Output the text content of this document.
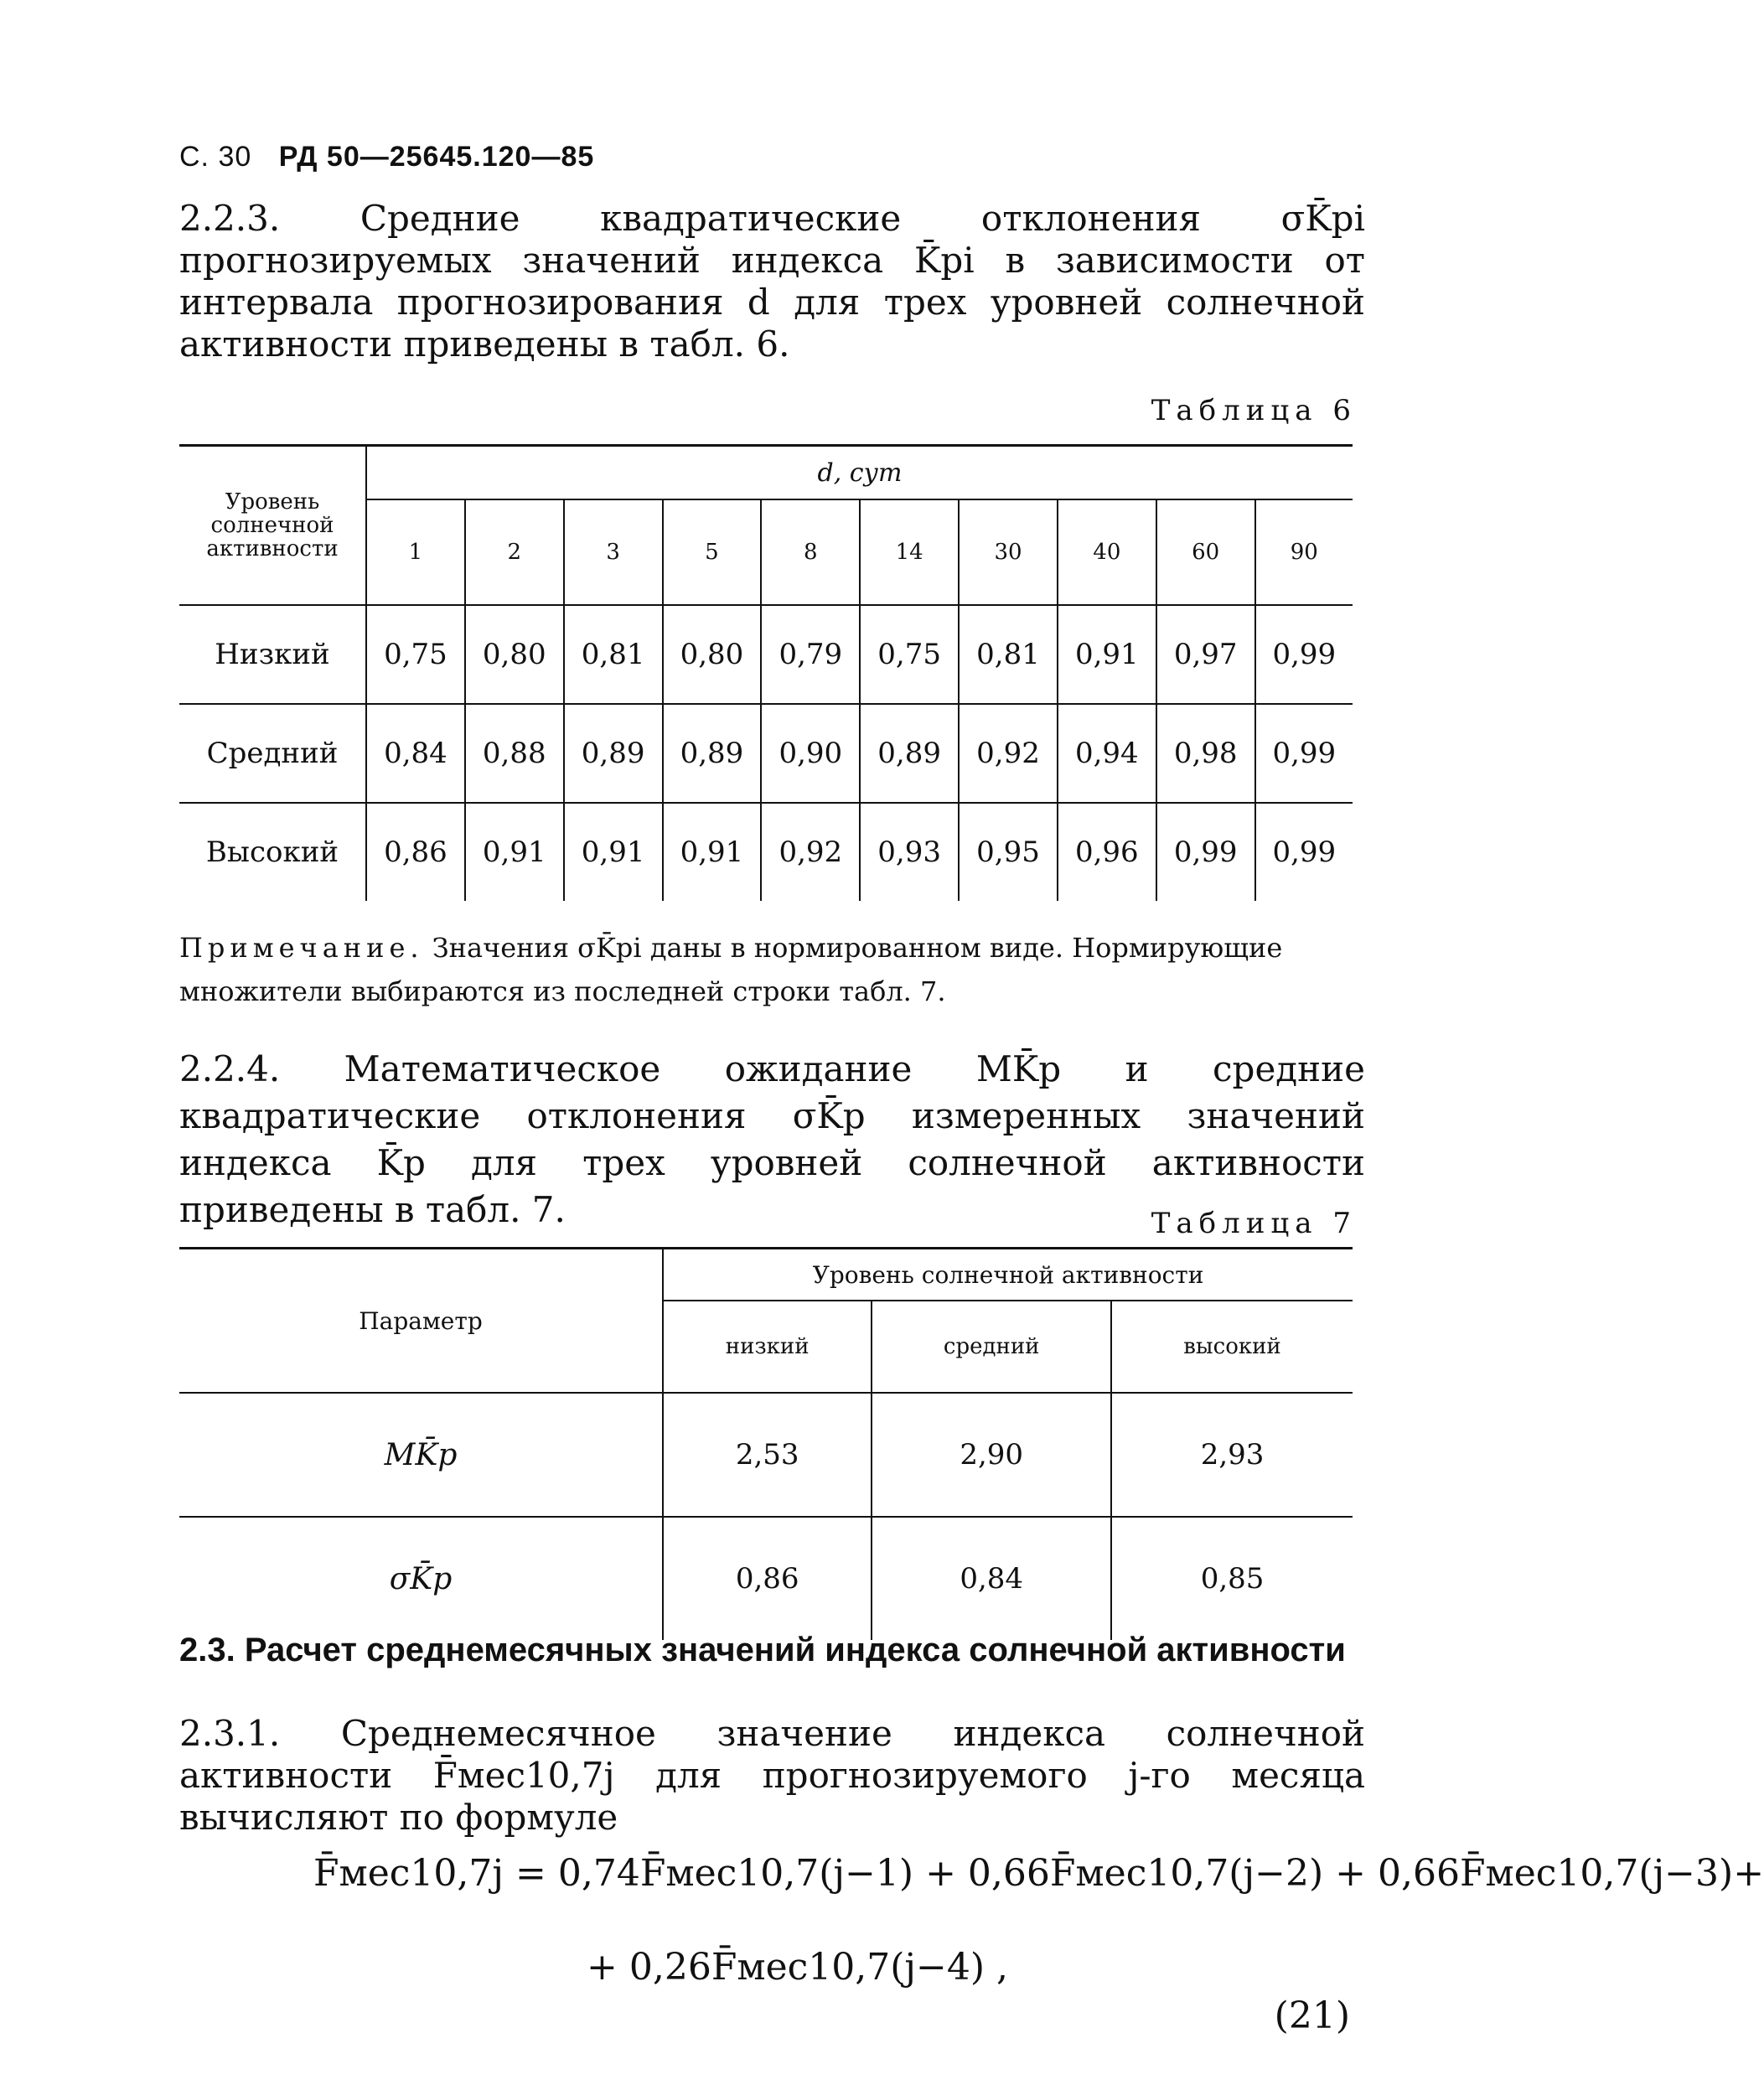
С. 30 РД 50—25645.120—85
2.2.3. Средние квадратические отклонения σK̄pi прогнозируемых значений индекса K̄pi в зависимости от интервала прогнозирования d для трех уровней солнечной активности приведены в табл. 6.
Таблица 6
Уровень солнечной активности	d, сут									
	1	2	3	5	8	14	30	40	60	90
Низкий	0,75	0,80	0,81	0,80	0,79	0,75	0,81	0,91	0,97	0,99
Средний	0,84	0,88	0,89	0,89	0,90	0,89	0,92	0,94	0,98	0,99
Высокий	0,86	0,91	0,91	0,91	0,92	0,93	0,95	0,96	0,99	0,99
Примечание. Значения σK̄pi даны в нормированном виде. Нормирующие
множители выбираются из последней строки табл. 7.
2.2.4. Математическое ожидание MK̄p и средние квадратические отклонения σK̄p измеренных значений индекса K̄p для трех уровней солнечной активности приведены в табл. 7.	Таблица 7
Параметр	Уровень солнечной активности		
	низкий	средний	высокий
MK̄p	2,53	2,90	2,93
σK̄p	0,86	0,84	0,85
2.3. Расчет среднемесячных значений индекса солнечной активности
2.3.1. Среднемесячное значение индекса солнечной активности F̄мес10,7j для прогнозируемого j-го месяца вычисляют по формуле
F̄мес10,7j = 0,74F̄мес10,7(j−1) + 0,66F̄мес10,7(j−2) + 0,66F̄мес10,7(j−3)+
+ 0,26F̄мес10,7(j−4) ,
(21)
